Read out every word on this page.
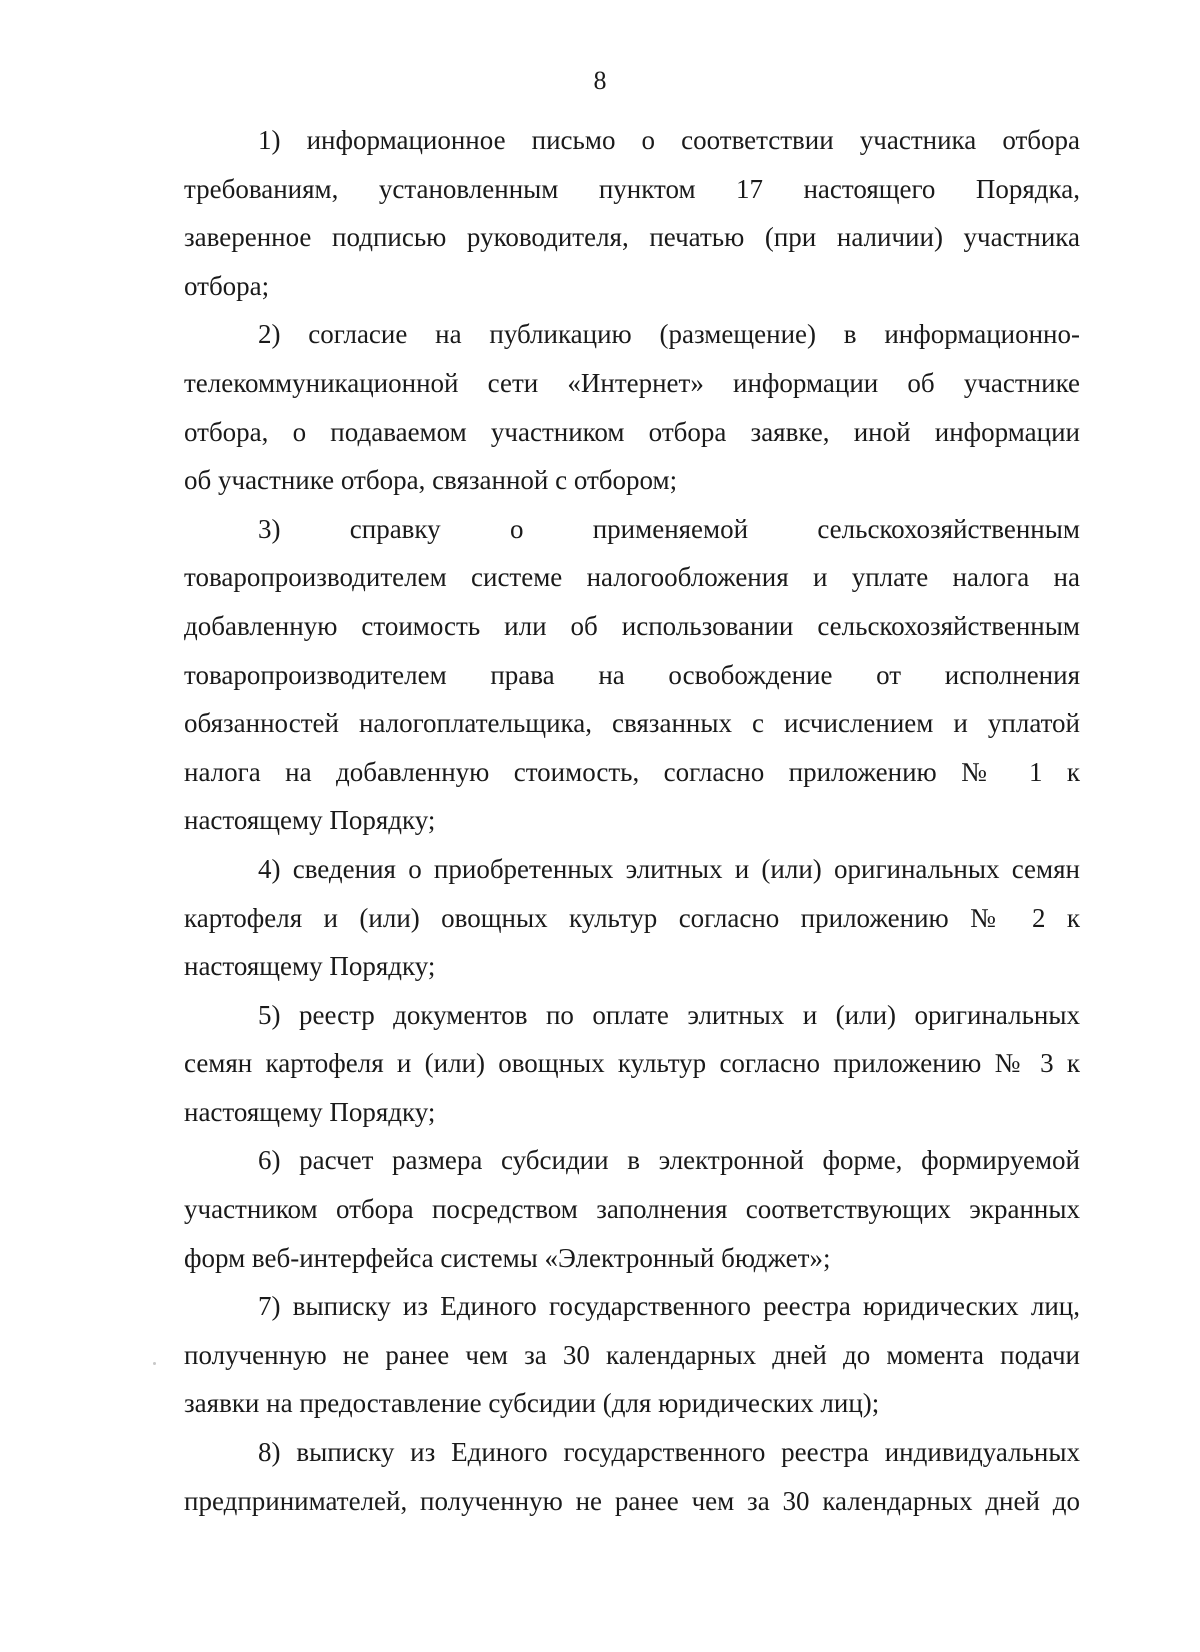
8

1) информационное письмо о соответствии участника отбора
требованиям, установленным пунктом 17 настоящего Порядка,
заверенное подписью руководителя, печатью (при наличии) участника
отбора;

2) согласие на публикацию (размещение) в информационно-
телекоммуникационной сети «Интернет» информации об участнике
отбора, о подаваемом участником отбора заявке, иной информации
об участнике отбора, связанной с отбором;

3) справку о применяемой сельскохозяйственным
товаропроизводителем системе налогообложения и уплате налога на
добавленную стоимость или об использовании сельскохозяйственным
товаропроизводителем права на освобождение от исполнения
обязанностей налогоплательщика, связанных с исчислением и уплатой
налога на добавленную стоимость, согласно приложению № 1 к
настоящему Порядку;

4) сведения о приобретенных элитных и (или) оригинальных семян
картофеля и (или) овощных культур согласно приложению № 2 к
настоящему Порядку;

5) реестр документов по оплате элитных и (или) оригинальных
семян картофеля и (или) овощных культур согласно приложению № 3 к
настоящему Порядку;

6) расчет размера субсидии в электронной форме, формируемой
участником отбора посредством заполнения соответствующих экранных
форм веб-интерфейса системы «Электронный бюджет»;

7) выписку из Единого государственного реестра юридических лиц,
полученную не ранее чем за 30 календарных дней до момента подачи
заявки на предоставление субсидии (для юридических лиц);

8) выписку из Единого государственного реестра индивидуальных
предпринимателей, полученную не ранее чем за 30 календарных дней до
